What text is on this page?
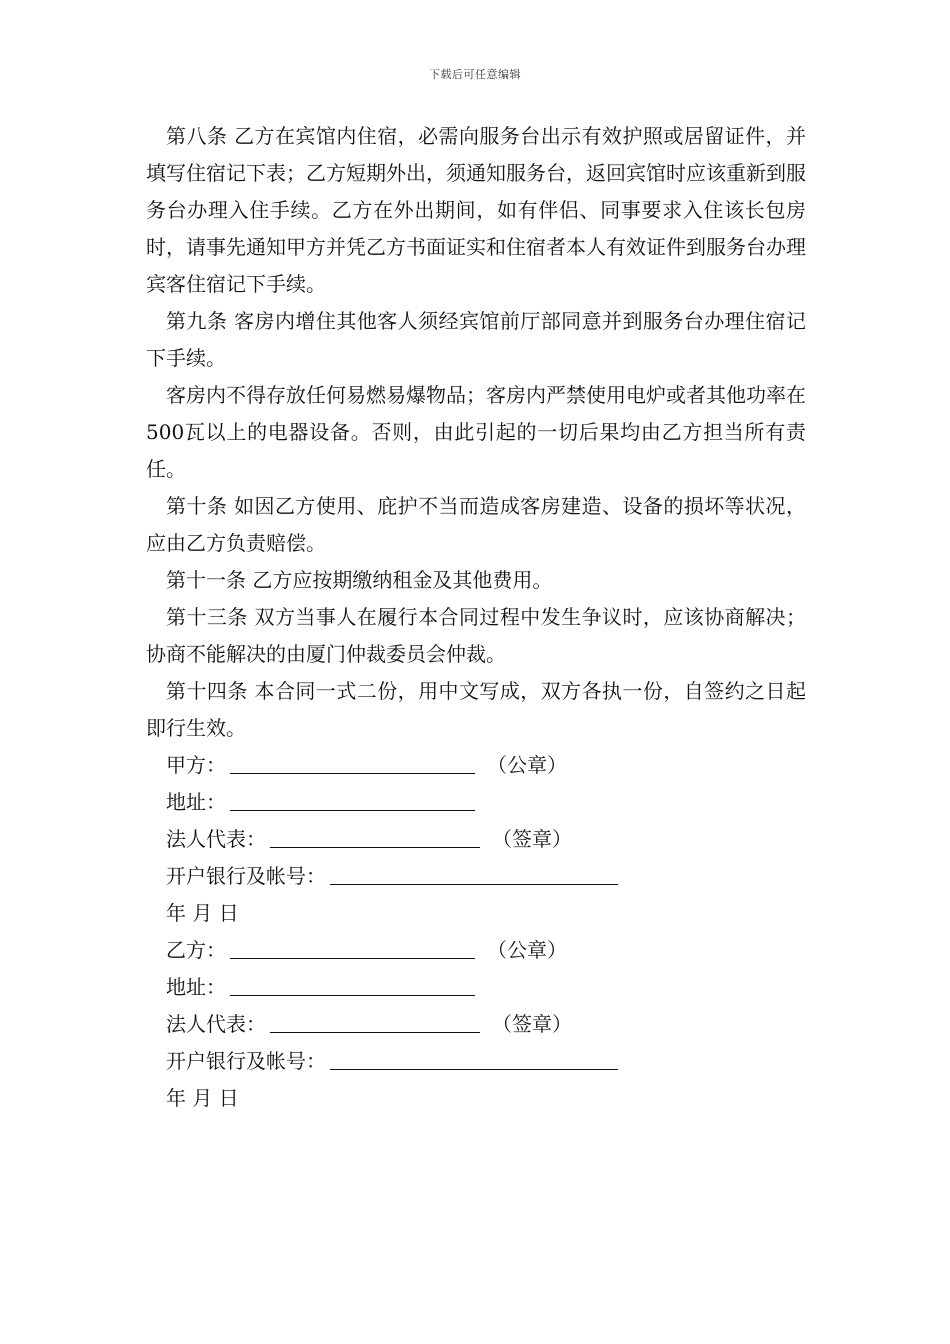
下载后可任意编辑

第八条 乙方在宾馆内住宿，必需向服务台出示有效护照或居留证件，并填写住宿记下表；乙方短期外出，须通知服务台，返回宾馆时应该重新到服务台办理入住手续。乙方在外出期间，如有伴侣、同事要求入住该长包房时，请事先通知甲方并凭乙方书面证实和住宿者本人有效证件到服务台办理宾客住宿记下手续。

第九条 客房内增住其他客人须经宾馆前厅部同意并到服务台办理住宿记下手续。

客房内不得存放任何易燃易爆物品；客房内严禁使用电炉或者其他功率在500瓦以上的电器设备。否则，由此引起的一切后果均由乙方担当所有责任。

第十条 如因乙方使用、庇护不当而造成客房建造、设备的损坏等状况，应由乙方负责赔偿。

第十一条 乙方应按期缴纳租金及其他费用。

第十三条 双方当事人在履行本合同过程中发生争议时，应该协商解决；协商不能解决的由厦门仲裁委员会仲裁。

第十四条 本合同一式二份，用中文写成，双方各执一份，自签约之日起即行生效。

甲方：	（公章）

地址：

法人代表：	（签章）

开户银行及帐号：

年 月 日

乙方：	（公章）

地址：

法人代表：	（签章）

开户银行及帐号：

年 月 日
